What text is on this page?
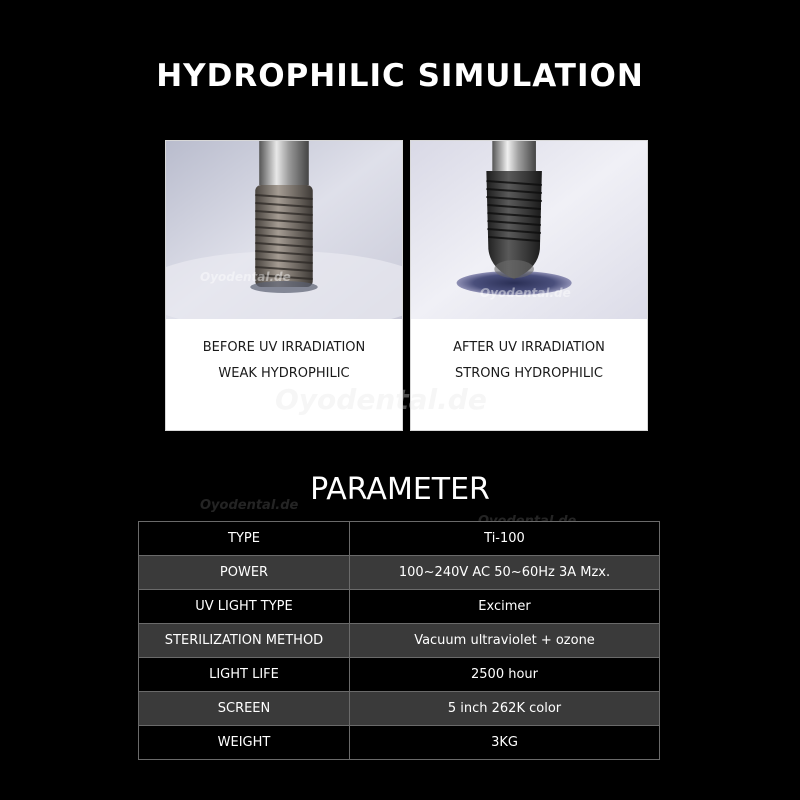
HYDROPHILIC SIMULATION
BEFORE UV IRRADIATION
WEAK HYDROPHILIC
AFTER UV IRRADIATION
STRONG HYDROPHILIC
Oyodental.de
Oyodental.de
Oyodental.de
PARAMETER
Oyodental.de
TYPE	Ti-100
POWER	100~240V AC 50~60Hz 3A Mzx.
UV LIGHT TYPE	Excimer
STERILIZATION METHOD	Vacuum ultraviolet + ozone
LIGHT LIFE	2500 hour
SCREEN	5 inch 262K color
WEIGHT	3KG
